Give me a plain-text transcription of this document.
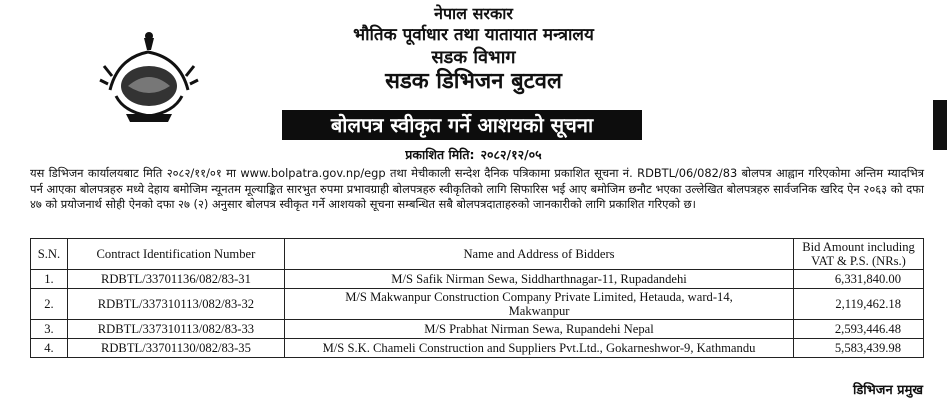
नेपाल सरकार
भौतिक पूर्वाधार तथा यातायात मन्त्रालय
सडक विभाग
सडक डिभिजन बुटवल
बोलपत्र स्वीकृत गर्ने आशयको सूचना
प्रकाशित मिति: २०८२/१२/०५
यस डिभिजन कार्यालयबाट मिति २०८२/११/०१ मा www.bolpatra.gov.np/egp तथा मेचीकाली सन्देश दैनिक पत्रिकामा प्रकाशित सूचना नं. RDBTL/06/082/83 बोलपत्र आह्वान गरिएकोमा अन्तिम म्यादभित्र पर्न आएका बोलपत्रहरु मध्ये देहाय बमोजिम न्यूनतम मूल्याङ्कित सारभुत रुपमा प्रभावग्राही बोलपत्रहरु स्वीकृतिको लागि सिफारिस भई आए बमोजिम छनौट भएका उल्लेखित बोलपत्रहरु सार्वजनिक खरिद ऐन २०६३ को दफा ४७ को प्रयोजनार्थ सोही ऐनको दफा २७ (२) अनुसार बोलपत्र स्वीकृत गर्ने आशयको सूचना सम्बन्धित सबै बोलपत्रदाताहरुको जानकारीको लागि प्रकाशित गरिएको छ।
S.N.	Contract Identification Number	Name and Address of Bidders	Bid Amount including
VAT & P.S. (NRs.)

1.	RDBTL/33701136/082/83-31	M/S Safik Nirman Sewa, Siddharthnagar-11, Rupadandehi	6,331,840.00
2.	RDBTL/337310113/082/83-32	M/S Makwanpur Construction Company Private Limited, Hetauda, ward-14,
Makwanpur	2,119,462.18
3.	RDBTL/337310113/082/83-33	M/S Prabhat Nirman Sewa, Rupandehi Nepal	2,593,446.48
4.	RDBTL/33701130/082/83-35	M/S S.K. Chameli Construction and Suppliers Pvt.Ltd., Gokarneshwor-9, Kathmandu	5,583,439.98
डिभिजन प्रमुख
